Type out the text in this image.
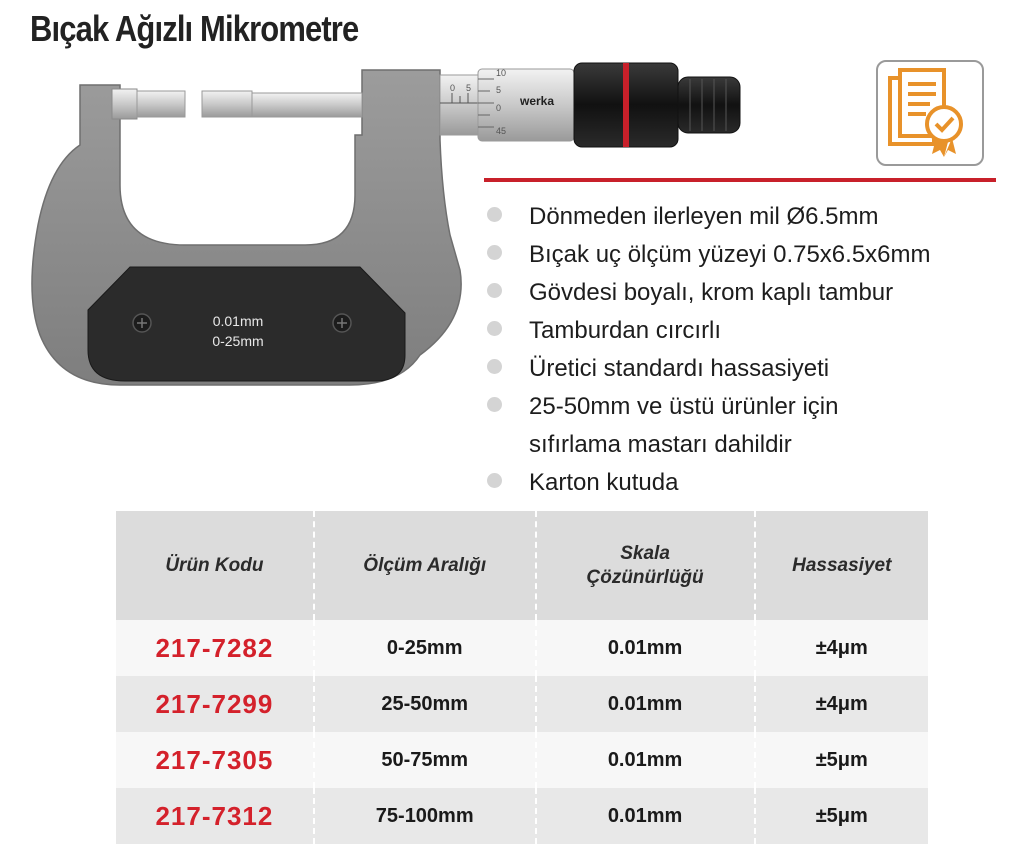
Bıçak Ağızlı Mikrometre
0.01mm
0-25mm
0 5
10
5
0
45
werka
Dönmeden ilerleyen mil Ø6.5mm
Bıçak uç ölçüm yüzeyi 0.75x6.5x6mm
Gövdesi boyalı, krom kaplı tambur
Tamburdan cırcırlı
Üretici standardı hassasiyeti
25-50mm ve üstü ürünler için
sıfırlama mastarı dahildir
Karton kutuda
Ürün Kodu	Ölçüm Aralığı	Skala
Çözünürlüğü	Hassasiyet
217-7282	0-25mm	0.01mm	±4μm
217-7299	25-50mm	0.01mm	±4μm
217-7305	50-75mm	0.01mm	±5μm
217-7312	75-100mm	0.01mm	±5μm
